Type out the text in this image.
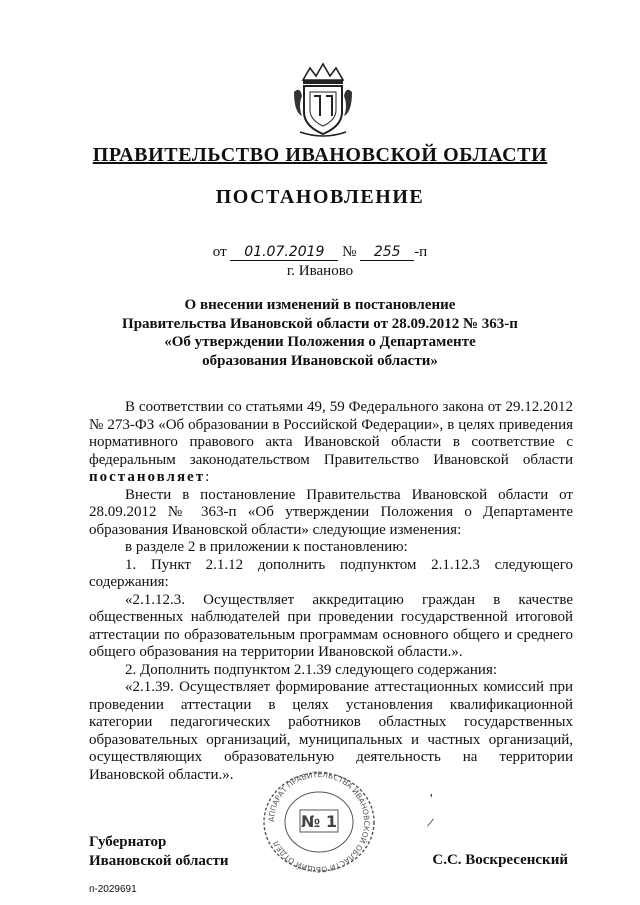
ПРАВИТЕЛЬСТВО ИВАНОВСКОЙ ОБЛАСТИ
ПОСТАНОВЛЕНИЕ
от 01.07.2019 № 255 -п
г. Иваново
О внесении изменений в постановление
Правительства Ивановской области от 28.09.2012 № 363-п
«Об утверждении Положения о Департаменте
образования Ивановской области»

В соответствии со статьями 49, 59 Федерального закона от 29.12.2012 № 273-ФЗ «Об образовании в Российской Федерации», в целях приведения нормативного правового акта Ивановской области в соответствие с федеральным законодательством Правительство Ивановской области постановляет:

Внести в постановление Правительства Ивановской области от 28.09.2012 № 363-п «Об утверждении Положения о Департаменте образования Ивановской области» следующие изменения:

в разделе 2 в приложении к постановлению:

1. Пункт 2.1.12 дополнить подпунктом 2.1.12.3 следующего содержания:

«2.1.12.3. Осуществляет аккредитацию граждан в качестве общественных наблюдателей при проведении государственной итоговой аттестации по образовательным программам основного общего и среднего общего образования на территории Ивановской области.».

2. Дополнить подпунктом 2.1.39 следующего содержания:

«2.1.39. Осуществляет формирование аттестационных комиссий при проведении аттестации в целях установления квалификационной категории педагогических работников областных государственных образовательных организаций, муниципальных и частных организаций, осуществляющих образовательную деятельность на территории Ивановской области.».

АППАРАТ ПРАВИТЕЛЬСТВА ИВАНОВСКОЙ ОБЛАСТИ ОБЩИЙ ОТДЕЛ
№ 1
'
/
Губернатор
Ивановской области	С.С. Воскресенский
п-2029691
